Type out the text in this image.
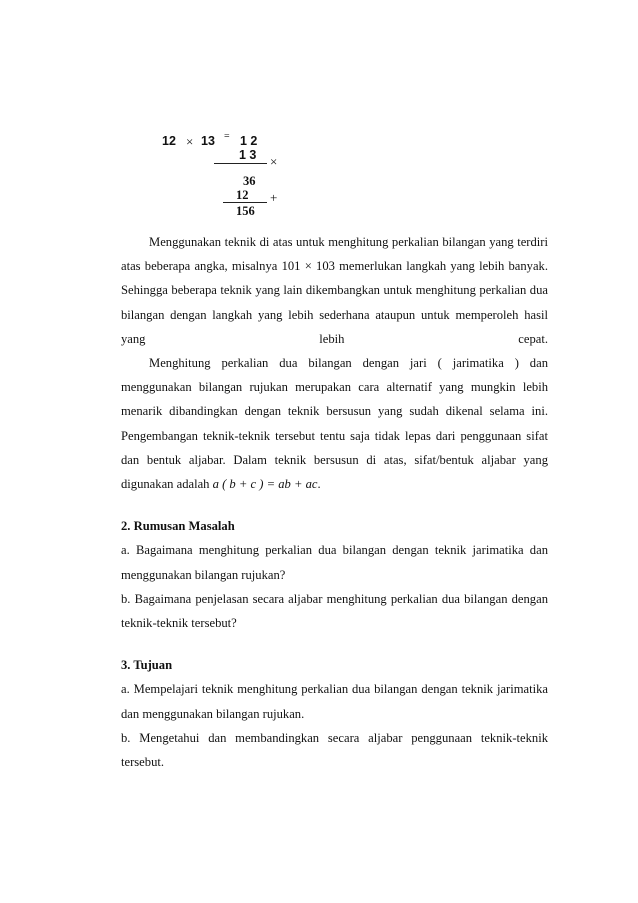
12 × 13 = 1 2
1 3 ×
36
12 +
156

Menggunakan teknik di atas untuk menghitung perkalian bilangan yang terdiri atas beberapa angka, misalnya 101 × 103 memerlukan langkah yang lebih banyak. Sehingga beberapa teknik yang lain dikembangkan untuk menghitung perkalian dua bilangan dengan langkah yang lebih sederhana ataupun untuk memperoleh hasil yang lebih cepat.

Menghitung perkalian dua bilangan dengan jari ( jarimatika ) dan menggunakan bilangan rujukan merupakan cara alternatif yang mungkin lebih menarik dibandingkan dengan teknik bersusun yang sudah dikenal selama ini. Pengembangan teknik-teknik tersebut tentu saja tidak lepas dari penggunaan sifat dan bentuk aljabar. Dalam teknik bersusun di atas, sifat/bentuk aljabar yang digunakan adalah a ( b + c ) = ab + ac.

2. Rumusan Masalah

a. Bagaimana menghitung perkalian dua bilangan dengan teknik jarimatika dan menggunakan bilangan rujukan?

b. Bagaimana penjelasan secara aljabar menghitung perkalian dua bilangan dengan teknik-teknik tersebut?

3. Tujuan

a. Mempelajari teknik menghitung perkalian dua bilangan dengan teknik jarimatika dan menggunakan bilangan rujukan.

b. Mengetahui dan membandingkan secara aljabar penggunaan teknik-teknik tersebut.
